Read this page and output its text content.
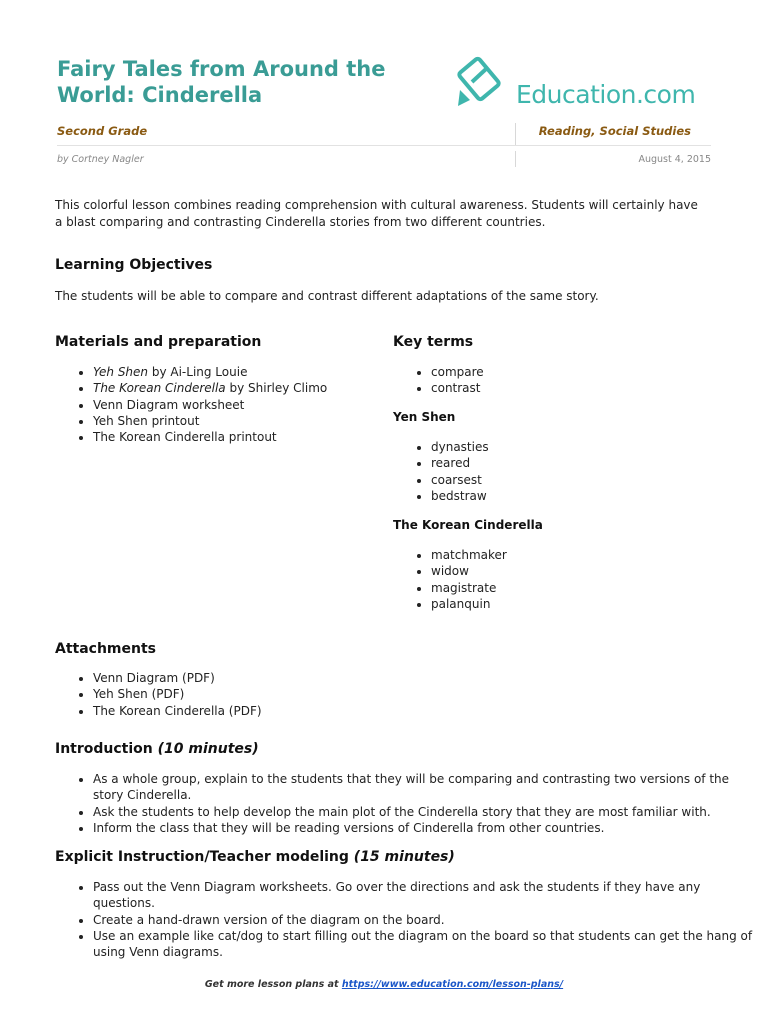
Fairy Tales from Around the World: Cinderella	Education.com
Second Grade	Reading, Social Studies
by Cortney Nagler	August 4, 2015

This colorful lesson combines reading comprehension with cultural awareness. Students will certainly have a blast comparing and contrasting Cinderella stories from two different countries.

Learning Objectives

The students will be able to compare and contrast different adaptations of the same story.

Materials and preparation
• Yeh Shen by Ai-Ling Louie
• The Korean Cinderella by Shirley Climo
• Venn Diagram worksheet
• Yeh Shen printout
• The Korean Cinderella printout
Key terms
• compare
• contrast
Yen Shen
• dynasties
• reared
• coarsest
• bedstraw
The Korean Cinderella
• matchmaker
• widow
• magistrate
• palanquin
Attachments
• Venn Diagram (PDF)
• Yeh Shen (PDF)
• The Korean Cinderella (PDF)
Introduction (10 minutes)
• As a whole group, explain to the students that they will be comparing and contrasting two versions of the story Cinderella.
• Ask the students to help develop the main plot of the Cinderella story that they are most familiar with.
• Inform the class that they will be reading versions of Cinderella from other countries.
Explicit Instruction/Teacher modeling (15 minutes)
• Pass out the Venn Diagram worksheets. Go over the directions and ask the students if they have any questions.
• Create a hand-drawn version of the diagram on the board.
• Use an example like cat/dog to start filling out the diagram on the board so that students can get the hang of using Venn diagrams.
Get more lesson plans at https://www.education.com/lesson-plans/
